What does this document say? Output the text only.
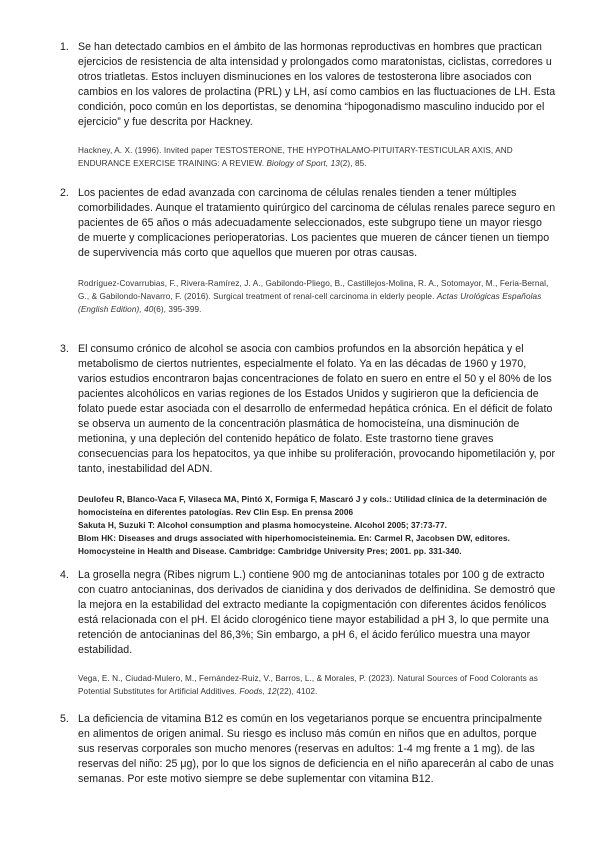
1. Se han detectado cambios en el ámbito de las hormonas reproductivas en hombres que practican ejercicios de resistencia de alta intensidad y prolongados como maratonistas, ciclistas, corredores u otros triatletas. Estos incluyen disminuciones en los valores de testosterona libre asociados con cambios en los valores de prolactina (PRL) y LH, así como cambios en las fluctuaciones de LH. Esta condición, poco común en los deportistas, se denomina “hipogonadismo masculino inducido por el ejercicio” y fue descrita por Hackney.
Hackney, A. X. (1996). Invited paper TESTOSTERONE, THE HYPOTHALAMO-PITUITARY-TESTICULAR AXIS, AND ENDURANCE EXERCISE TRAINING: A REVIEW. Biology of Sport, 13(2), 85.
2. Los pacientes de edad avanzada con carcinoma de células renales tienden a tener múltiples comorbilidades. Aunque el tratamiento quirúrgico del carcinoma de células renales parece seguro en pacientes de 65 años o más adecuadamente seleccionados, este subgrupo tiene un mayor riesgo de muerte y complicaciones perioperatorias. Los pacientes que mueren de cáncer tienen un tiempo de supervivencia más corto que aquellos que mueren por otras causas.
Rodríguez-Covarrubias, F., Rivera-Ramírez, J. A., Gabilondo-Pliego, B., Castillejos-Molina, R. A., Sotomayor, M., Feria-Bernal, G., & Gabilondo-Navarro, F. (2016). Surgical treatment of renal-cell carcinoma in elderly people. Actas Urológicas Españolas (English Edition), 40(6), 395-399.
3. El consumo crónico de alcohol se asocia con cambios profundos en la absorción hepática y el metabolismo de ciertos nutrientes, especialmente el folato. Ya en las décadas de 1960 y 1970, varios estudios encontraron bajas concentraciones de folato en suero en entre el 50 y el 80% de los pacientes alcohólicos en varias regiones de los Estados Unidos y sugirieron que la deficiencia de folato puede estar asociada con el desarrollo de enfermedad hepática crónica. En el déficit de folato se observa un aumento de la concentración plasmática de homocisteína, una disminución de metionina, y una depleción del contenido hepático de folato. Este trastorno tiene graves consecuencias para los hepatocitos, ya que inhibe su proliferación, provocando hipometilación y, por tanto, inestabilidad del ADN.
Deulofeu R, Blanco-Vaca F, Vilaseca MA, Pintó X, Formiga F, Mascaró J y cols.: Utilidad clínica de la determinación de homocisteína en diferentes patologías. Rev Clin Esp. En prensa 2006
Sakuta H, Suzuki T: Alcohol consumption and plasma homocysteine. Alcohol 2005; 37:73-77.
Blom HK: Diseases and drugs associated with hiperhomocisteinemia. En: Carmel R, Jacobsen DW, editores. Homocysteine in Health and Disease. Cambridge: Cambridge University Pres; 2001. pp. 331-340.
4. La grosella negra (Ribes nigrum L.) contiene 900 mg de antocianinas totales por 100 g de extracto con cuatro antocianinas, dos derivados de cianidina y dos derivados de delfinidina. Se demostró que la mejora en la estabilidad del extracto mediante la copigmentación con diferentes ácidos fenólicos está relacionada con el pH. El ácido clorogénico tiene mayor estabilidad a pH 3, lo que permite una retención de antocianinas del 86,3%; Sin embargo, a pH 6, el ácido ferúlico muestra una mayor estabilidad.
Vega, E. N., Ciudad-Mulero, M., Fernández-Ruiz, V., Barros, L., & Morales, P. (2023). Natural Sources of Food Colorants as Potential Substitutes for Artificial Additives. Foods, 12(22), 4102.
5. La deficiencia de vitamina B12 es común en los vegetarianos porque se encuentra principalmente en alimentos de origen animal. Su riesgo es incluso más común en niños que en adultos, porque sus reservas corporales son mucho menores (reservas en adultos: 1-4 mg frente a 1 mg). de las reservas del niño: 25 μg), por lo que los signos de deficiencia en el niño aparecerán al cabo de unas semanas. Por este motivo siempre se debe suplementar con vitamina B12.
